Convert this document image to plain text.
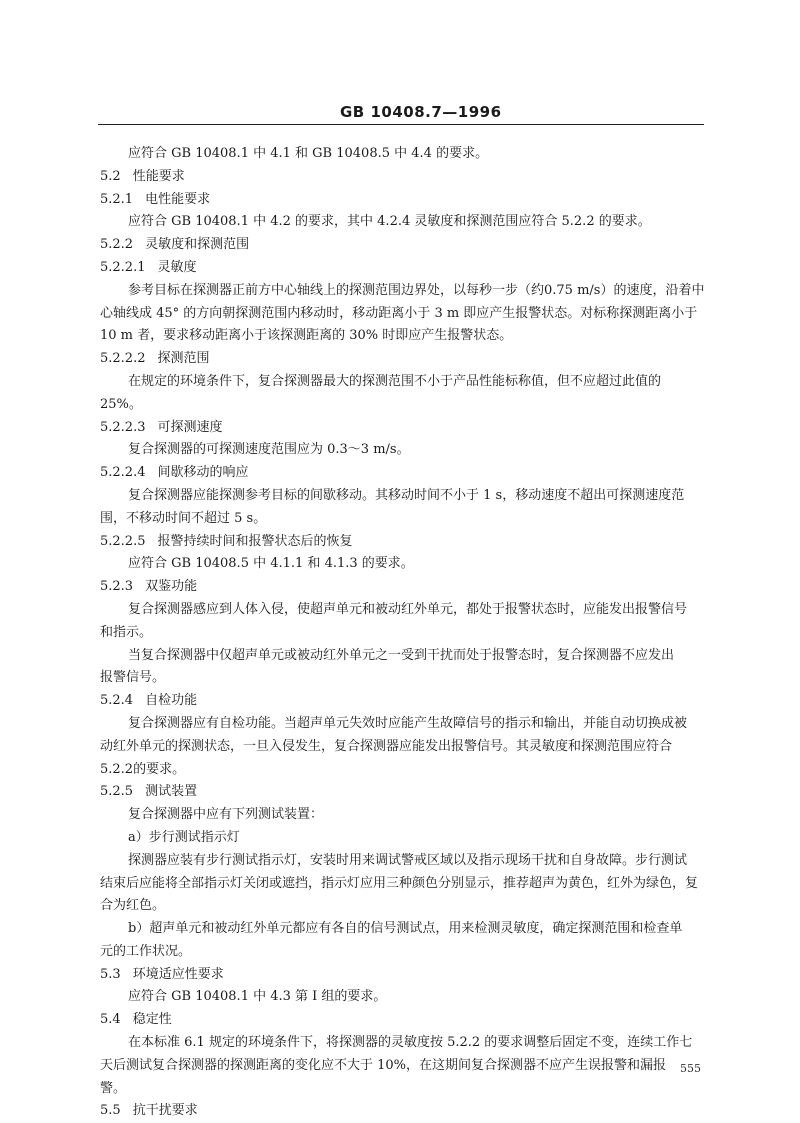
GB 10408.7—1996
应符合 GB 10408.1 中 4.1 和 GB 10408.5 中 4.4 的要求。
5.2 性能要求
5.2.1 电性能要求
应符合 GB 10408.1 中 4.2 的要求，其中 4.2.4 灵敏度和探测范围应符合 5.2.2 的要求。
5.2.2 灵敏度和探测范围
5.2.2.1 灵敏度
参考目标在探测器正前方中心轴线上的探测范围边界处，以每秒一步（约0.75 m/s）的速度，沿着中
心轴线成 45° 的方向朝探测范围内移动时，移动距离小于 3 m 即应产生报警状态。对标称探测距离小于
10 m 者，要求移动距离小于该探测距离的 30% 时即应产生报警状态。
5.2.2.2 探测范围
在规定的环境条件下，复合探测器最大的探测范围不小于产品性能标称值，但不应超过此值的
25%。
5.2.2.3 可探测速度
复合探测器的可探测速度范围应为 0.3～3 m/s。
5.2.2.4 间歇移动的响应
复合探测器应能探测参考目标的间歇移动。其移动时间不小于 1 s，移动速度不超出可探测速度范
围，不移动时间不超过 5 s。
5.2.2.5 报警持续时间和报警状态后的恢复
应符合 GB 10408.5 中 4.1.1 和 4.1.3 的要求。
5.2.3 双鉴功能
复合探测器感应到人体入侵，使超声单元和被动红外单元，都处于报警状态时，应能发出报警信号
和指示。
当复合探测器中仅超声单元或被动红外单元之一受到干扰而处于报警态时，复合探测器不应发出
报警信号。
5.2.4 自检功能
复合探测器应有自检功能。当超声单元失效时应能产生故障信号的指示和输出，并能自动切换成被
动红外单元的探测状态，一旦入侵发生，复合探测器应能发出报警信号。其灵敏度和探测范围应符合
5.2.2的要求。
5.2.5 测试装置
复合探测器中应有下列测试装置：
a）步行测试指示灯
探测器应装有步行测试指示灯，安装时用来调试警戒区域以及指示现场干扰和自身故障。步行测试
结束后应能将全部指示灯关闭或遮挡，指示灯应用三种颜色分别显示，推荐超声为黄色，红外为绿色，复
合为红色。
b）超声单元和被动红外单元都应有各自的信号测试点，用来检测灵敏度，确定探测范围和检查单
元的工作状况。
5.3 环境适应性要求
应符合 GB 10408.1 中 4.3 第 I 组的要求。
5.4 稳定性
在本标准 6.1 规定的环境条件下，将探测器的灵敏度按 5.2.2 的要求调整后固定不变，连续工作七
天后测试复合探测器的探测距离的变化应不大于 10%，在这期间复合探测器不应产生误报警和漏报
警。
5.5 抗干扰要求
555
